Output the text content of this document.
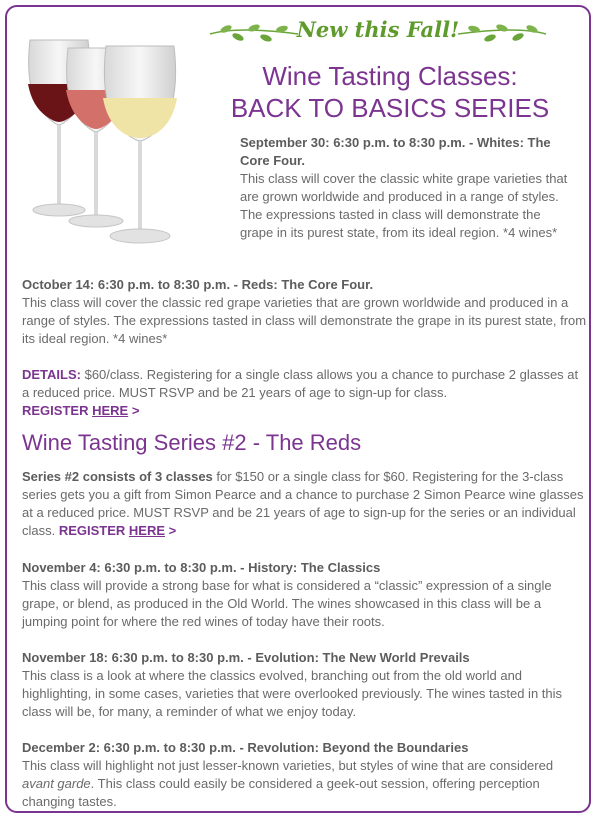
New this Fall!
Wine Tasting Classes:
BACK TO BASICS SERIES
September 30: 6:30 p.m. to 8:30 p.m. - Whites: The Core Four.

This class will cover the classic white grape varieties that are grown worldwide and produced in a range of styles. The expressions tasted in class will demonstrate the grape in its purest state, from its ideal region. *4 wines*

October 14: 6:30 p.m. to 8:30 p.m. - Reds: The Core Four.

This class will cover the classic red grape varieties that are grown worldwide and produced in a range of styles. The expressions tasted in class will demonstrate the grape in its purest state, from its ideal region. *4 wines*

DETAILS: $60/class. Registering for a single class allows you a chance to purchase 2 glasses at a reduced price. MUST RSVP and be 21 years of age to sign-up for class.
REGISTER HERE >

Wine Tasting Series #2 - The Reds

Series #2 consists of 3 classes for $150 or a single class for $60. Registering for the 3-class series gets you a gift from Simon Pearce and a chance to purchase 2 Simon Pearce wine glasses at a reduced price. MUST RSVP and be 21 years of age to sign-up for the series or an individual class. REGISTER HERE >

November 4: 6:30 p.m. to 8:30 p.m. - History: The Classics

This class will provide a strong base for what is considered a “classic” expression of a single grape, or blend, as produced in the Old World. The wines showcased in this class will be a jumping point for where the red wines of today have their roots.

November 18: 6:30 p.m. to 8:30 p.m. - Evolution: The New World Prevails

This class is a look at where the classics evolved, branching out from the old world and highlighting, in some cases, varieties that were overlooked previously. The wines tasted in this class will be, for many, a reminder of what we enjoy today.

December 2: 6:30 p.m. to 8:30 p.m. - Revolution: Beyond the Boundaries

This class will highlight not just lesser-known varieties, but styles of wine that are considered avant garde. This class could easily be considered a geek-out session, offering perception changing tastes.
